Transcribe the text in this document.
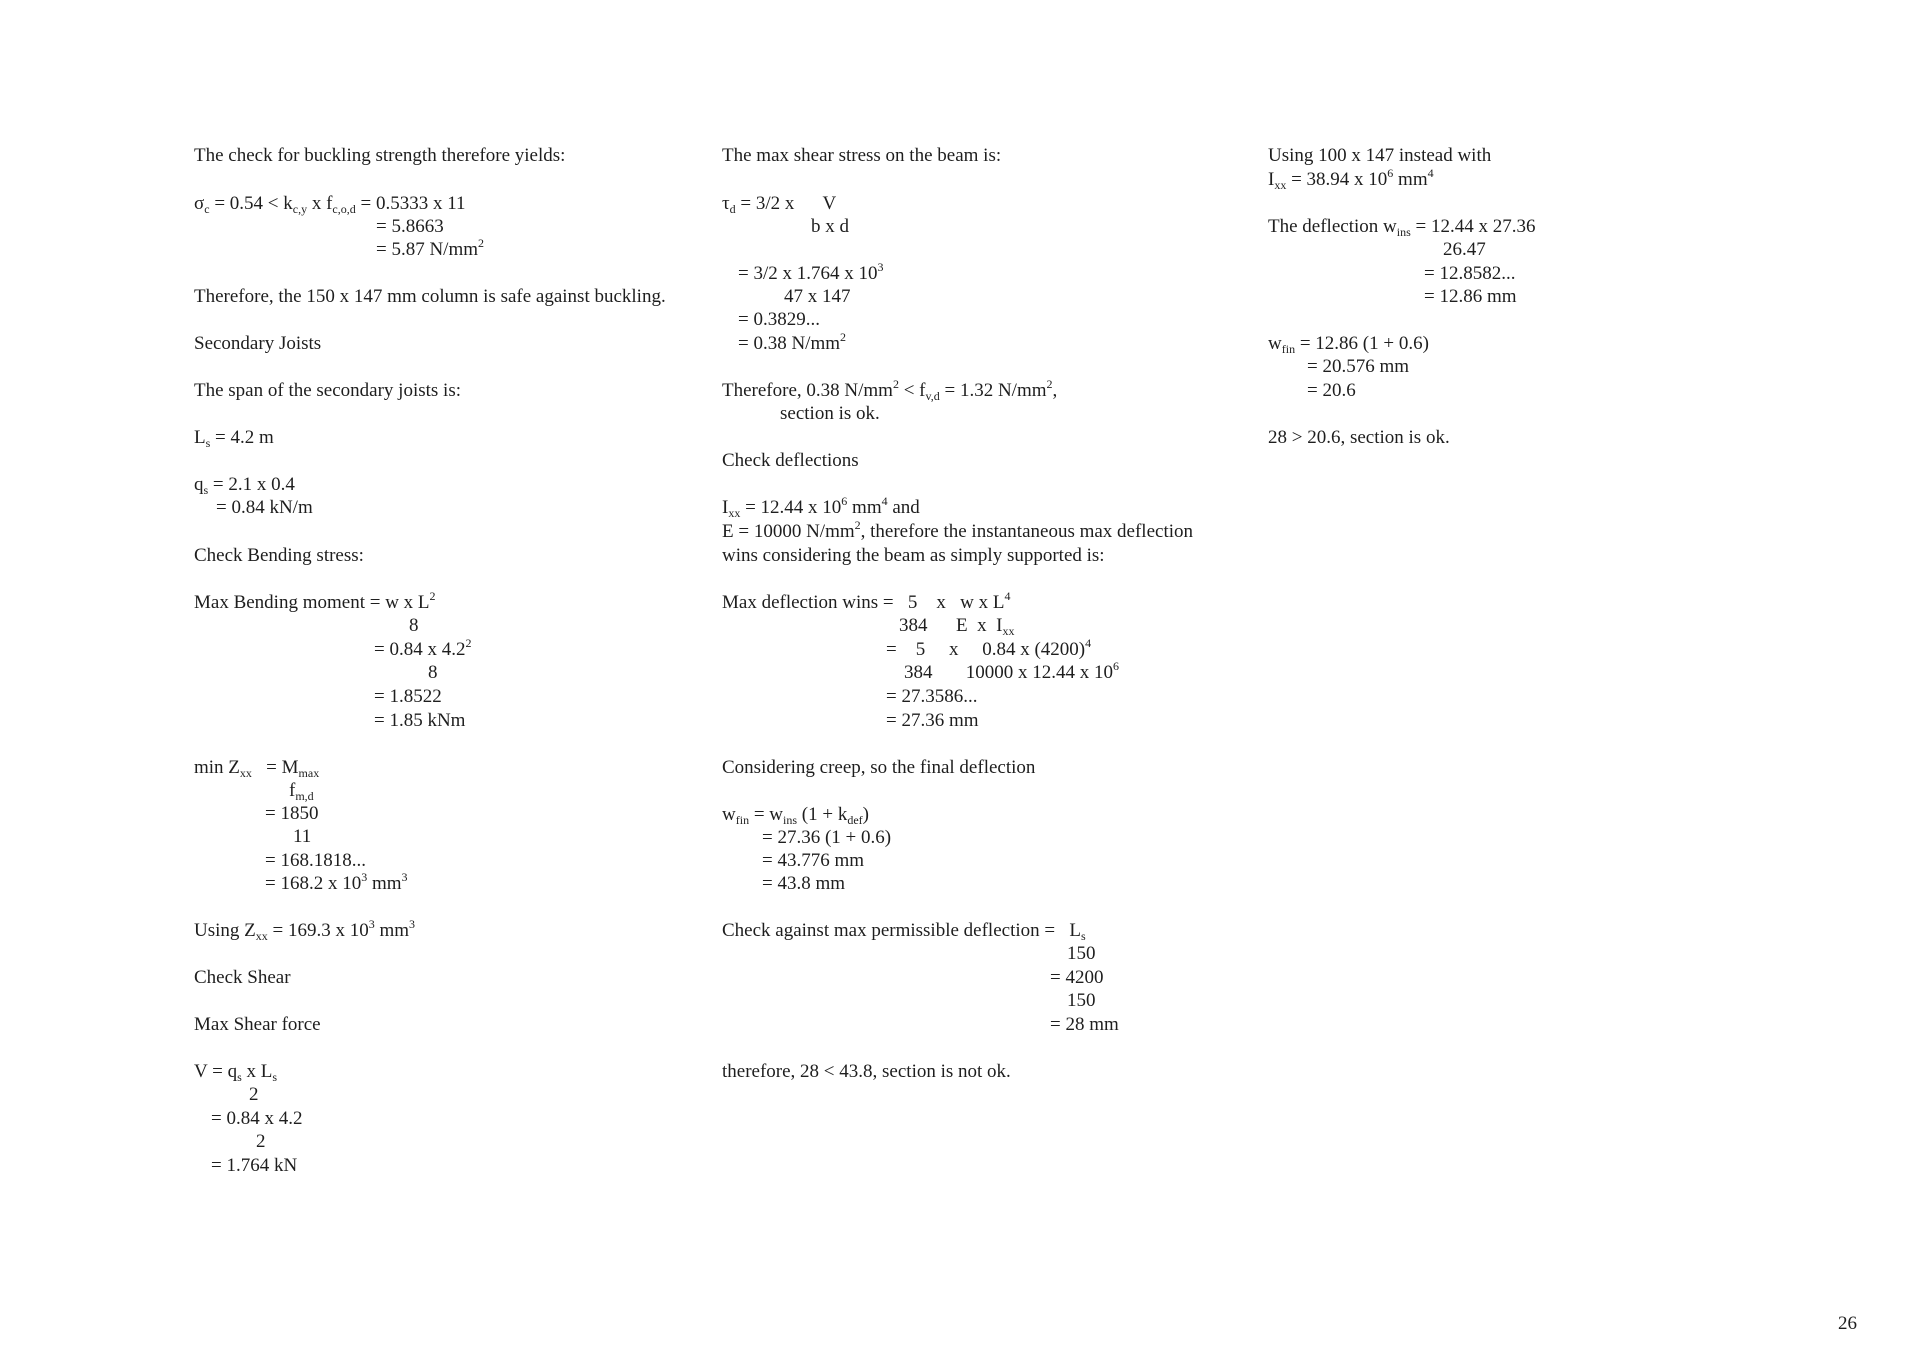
The check for buckling strength therefore yields:
$\sigma_c = 0.54 < k_{c,y}$ x $f_{c,o,d} = 0.5333$ x 11
= 5.8663
= 5.87 $N/mm^2$
Therefore, the 150 x 147 mm column is safe against buckling.
Secondary Joists
The span of the secondary joists is:
$L_s = 4.2$ m
$q_s = 2.1$ x 0.4
= 0.84 kN/m
Check Bending stress:
Max Bending moment = w x $L^2$
8
= 0.84 x $4.2^2$
8
= 1.8522
= 1.85 kNm
$\min Z_{xx} = M_{max}$
$f_{m,d}$
= 1850
11
= 168.1818...
= 168.2 x $10^3$ $mm^3$
Using $Z_{xx} = 169.3$ x $10^3$ $mm^3$
Check Shear
Max Shear force
$V = q_s$ x $L_s$
2
= 0.84 x 4.2
2
= 1.764 kN
The max shear stress on the beam is:
$\tau_d = 3/2$ x      V
b x d
= 3/2 x 1.764 x $10^3$
47 x 147
= 0.3829...
= 0.38 $N/mm^2$
Therefore, 0.38 $N/mm^2 < f_{v,d} = 1.32$ $N/mm^2$,
section is ok.
Check deflections
$I_{xx} = 12.44$ x $10^6$ $mm^4$ and
E = 10000 $N/mm^2$, therefore the instantaneous max deflection
wins considering the beam as simply supported is:
Max deflection wins =   5    x   w x $L^4$
384      E  x  $I_{xx}$
=    5     x     0.84 x $(4200)^4$
384       10000 x 12.44 x $10^6$
= 27.3586...
= 27.36 mm
Considering creep, so the final deflection
$w_{fin} = w_{ins}$ $(1 + k_{def})$
= 27.36 (1 + 0.6)
= 43.776 mm
= 43.8 mm
Check against max permissible deflection =   $L_s$
150
= 4200
150
= 28 mm
therefore, 28 < 43.8, section is not ok.
Using 100 x 147 instead with
$I_{xx} = 38.94$ x $10^6$ $mm^4$
The deflection $w_{ins} = 12.44$ x 27.36
26.47
= 12.8582...
= 12.86 mm
$w_{fin} = 12.86$ (1 + 0.6)
= 20.576 mm
= 20.6
28 > 20.6, section is ok.
26
